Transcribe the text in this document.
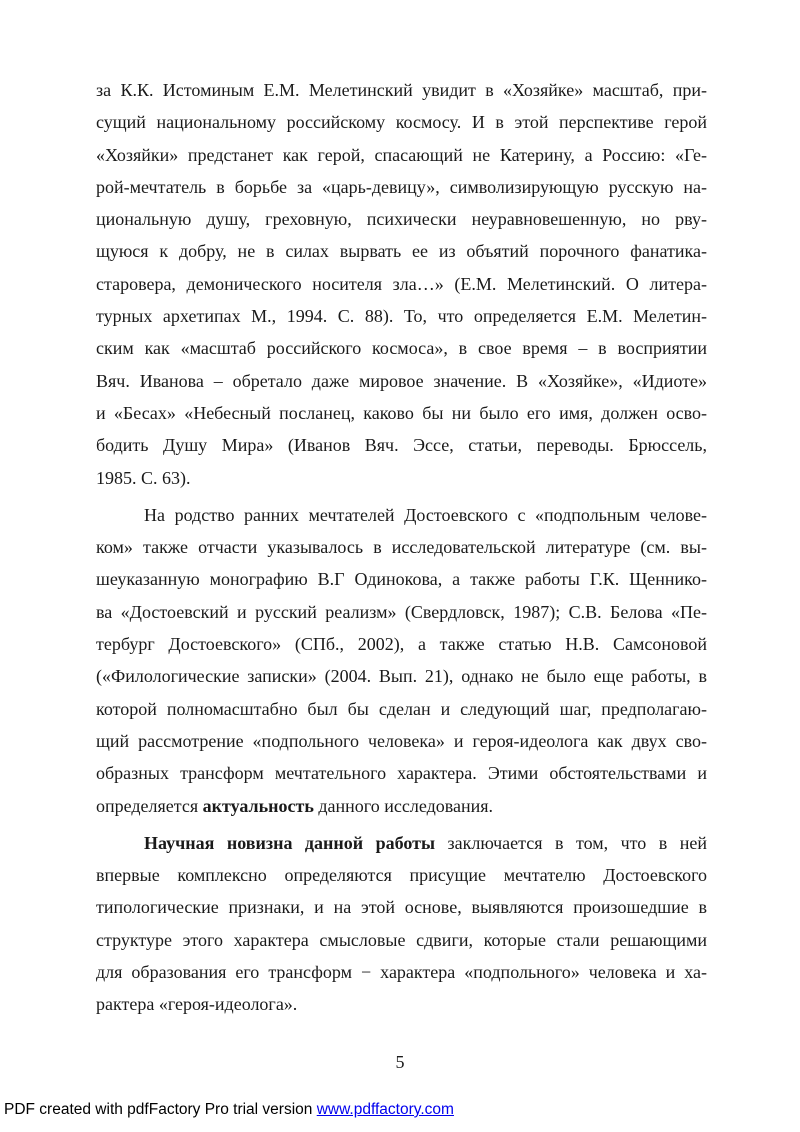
за К.К. Истоминым Е.М. Мелетинский увидит в «Хозяйке» масштаб, при-
сущий национальному российскому космосу. И в этой перспективе герой
«Хозяйки» предстанет как герой, спасающий не Катерину, а Россию: «Ге-
рой-мечтатель в борьбе за «царь-девицу», символизирующую русскую на-
циональную душу, греховную, психически неуравновешенную, но рву-
щуюся к добру, не в силах вырвать ее из объятий порочного фанатика-
старовера, демонического носителя зла…» (Е.М. Мелетинский. О литера-
турных архетипах М., 1994. С. 88). То, что определяется Е.М. Мелетин-
ским как «масштаб российского космоса», в свое время – в восприятии
Вяч. Иванова – обретало даже мировое значение. В «Хозяйке», «Идиоте»
и «Бесах» «Небесный посланец, каково бы ни было его имя, должен осво-
бодить Душу Мира» (Иванов Вяч. Эссе, статьи, переводы. Брюссель,
1985. С. 63).
На родство ранних мечтателей Достоевского с «подпольным челове-
ком» также отчасти указывалось в исследовательской литературе (см. вы-
шеуказанную монографию В.Г Одинокова, а также работы Г.К. Щеннико-
ва «Достоевский и русский реализм» (Свердловск, 1987); С.В. Белова «Пе-
тербург Достоевского» (СПб., 2002), а также статью Н.В. Самсоновой
(«Филологические записки» (2004. Вып. 21), однако не было еще работы, в
которой полномасштабно был бы сделан и следующий шаг, предполагаю-
щий рассмотрение «подпольного человека» и героя-идеолога как двух сво-
образных трансформ мечтательного характера. Этими обстоятельствами и
определяется актуальность данного исследования.
Научная новизна данной работы заключается в том, что в ней
впервые комплексно определяются присущие мечтателю Достоевского
типологические признаки, и на этой основе, выявляются произошедшие в
структуре этого характера смысловые сдвиги, которые стали решающими
для образования его трансформ − характера «подпольного» человека и ха-
рактера «героя-идеолога».
5
PDF created with pdfFactory Pro trial version www.pdffactory.com
